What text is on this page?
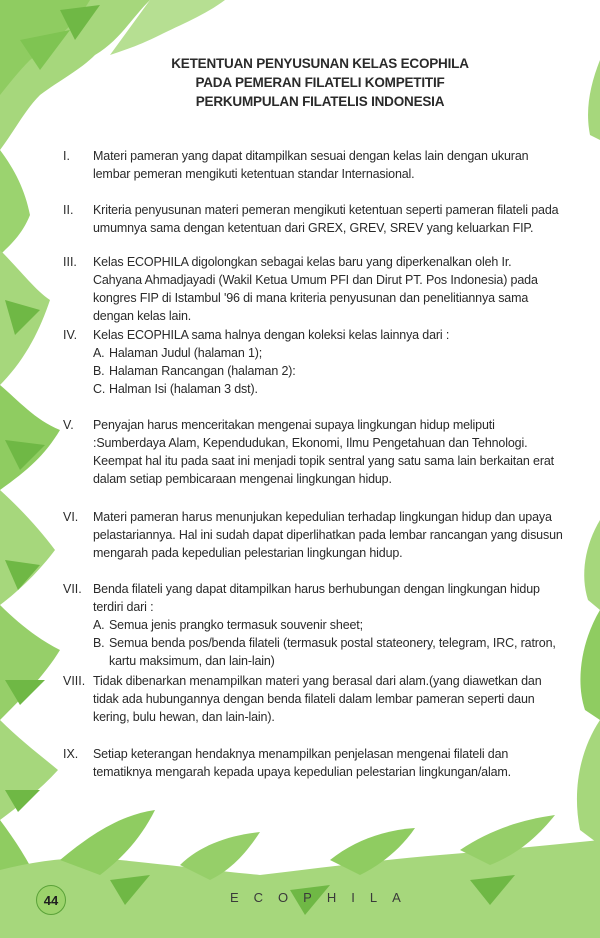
KETENTUAN PENYUSUNAN KELAS ECOPHILA
PADA PEMERAN FILATELI KOMPETITIF
PERKUMPULAN FILATELIS INDONESIA
I. Materi pameran yang dapat ditampilkan sesuai dengan kelas lain dengan ukuran lembar pemeran mengikuti ketentuan standar Internasional.
II. Kriteria penyusunan materi pemeran mengikuti ketentuan seperti pameran filateli pada umumnya sama dengan ketentuan dari GREX, GREV, SREV yang keluarkan FIP.
III. Kelas ECOPHILA digolongkan sebagai kelas baru yang diperkenalkan oleh Ir. Cahyana Ahmadjayadi (Wakil Ketua Umum PFI dan Dirut PT. Pos Indonesia) pada kongres FIP di Istambul '96 di mana kriteria penyusunan dan penelitiannya sama dengan kelas lain.
IV. Kelas ECOPHILA sama halnya dengan koleksi kelas lainnya dari :
A. Halaman Judul (halaman 1);
B. Halaman Rancangan (halaman 2):
C. Halman Isi (halaman 3 dst).
V. Penyajan harus menceritakan mengenai supaya lingkungan hidup meliputi :Sumberdaya Alam, Kependudukan, Ekonomi, Ilmu Pengetahuan dan Tehnologi. Keempat hal itu pada saat ini menjadi topik sentral yang satu sama lain berkaitan erat dalam setiap pembicaraan mengenai lingkungan hidup.
VI. Materi pameran harus menunjukan kepedulian terhadap lingkungan hidup dan upaya pelastariannya. Hal ini sudah dapat diperlihatkan pada lembar rancangan yang disusun mengarah pada kepedulian pelestarian lingkungan hidup.
VII. Benda filateli yang dapat ditampilkan harus berhubungan dengan lingkungan hidup terdiri dari :
A. Semua jenis prangko termasuk souvenir sheet;
B. Semua benda pos/benda filateli (termasuk postal stateonery, telegram, IRC, ratron, kartu maksimum, dan lain-lain)
VIII. Tidak dibenarkan menampilkan materi yang berasal dari alam.(yang diawetkan dan tidak ada hubungannya dengan benda filateli dalam lembar pameran seperti daun kering, bulu hewan, dan lain-lain).
IX. Setiap keterangan hendaknya menampilkan penjelasan mengenai filateli dan tematiknya mengarah kepada upaya kepedulian pelestarian lingkungan/alam.
44	ECOPHILA
